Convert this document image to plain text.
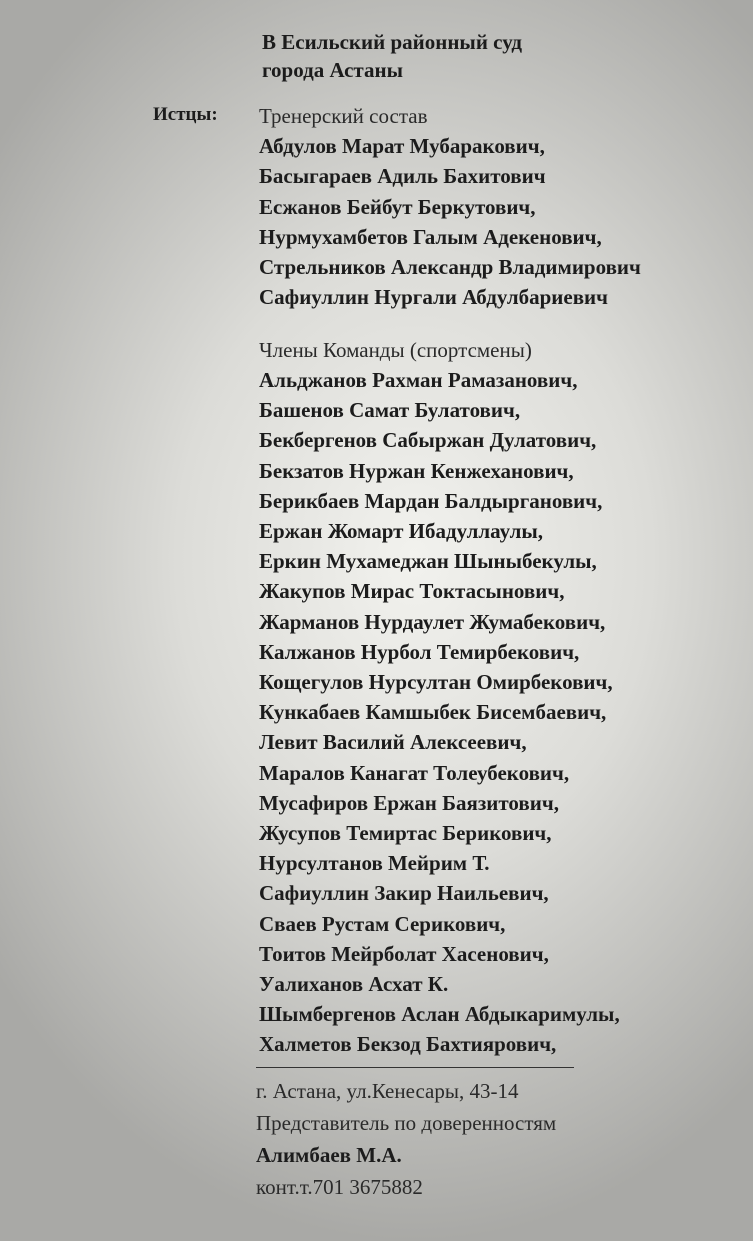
В Есильский районный суд
города Астаны
Истцы: Тренерский состав
Абдулов Марат Мубаракович,
Басыгараев Адиль Бахитович
Есжанов Бейбут Беркутович,
Нурмухамбетов Галым Адекенович,
Стрельников Александр Владимирович
Сафиуллин Нургали Абдулбариевич
Члены Команды (спортсмены)
Альджанов Рахман Рамазанович,
Башенов Самат Булатович,
Бекбергенов Сабыржан Дулатович,
Бекзатов Нуржан Кенжеханович,
Берикбаев Мардан Балдырганович,
Ержан Жомарт Ибадуллаулы,
Еркин Мухамеджан Шыныбекулы,
Жакупов Мирас Токтасынович,
Жарманов Нурдаулет Жумабекович,
Калжанов Нурбол Темирбекович,
Кощегулов Нурсултан Омирбекович,
Кункабаев Камшыбек Бисембаевич,
Левит Василий Алексеевич,
Маралов Канагат Толеубекович,
Мусафиров Ержан Баязитович,
Жусупов Темиртас Берикович,
Нурсултанов Мейрим Т.
Сафиуллин Закир Наильевич,
Сваев Рустам Серикович,
Тоитов Мейрболат Хасенович,
Уалиханов Асхат К.
Шымбергенов Аслан Абдыкаримулы,
Халметов Бекзод Бахтиярович,
г. Астана, ул.Кенесары, 43-14
Представитель по доверенностям
Алимбаев М.А.
конт.т.701 3675882
